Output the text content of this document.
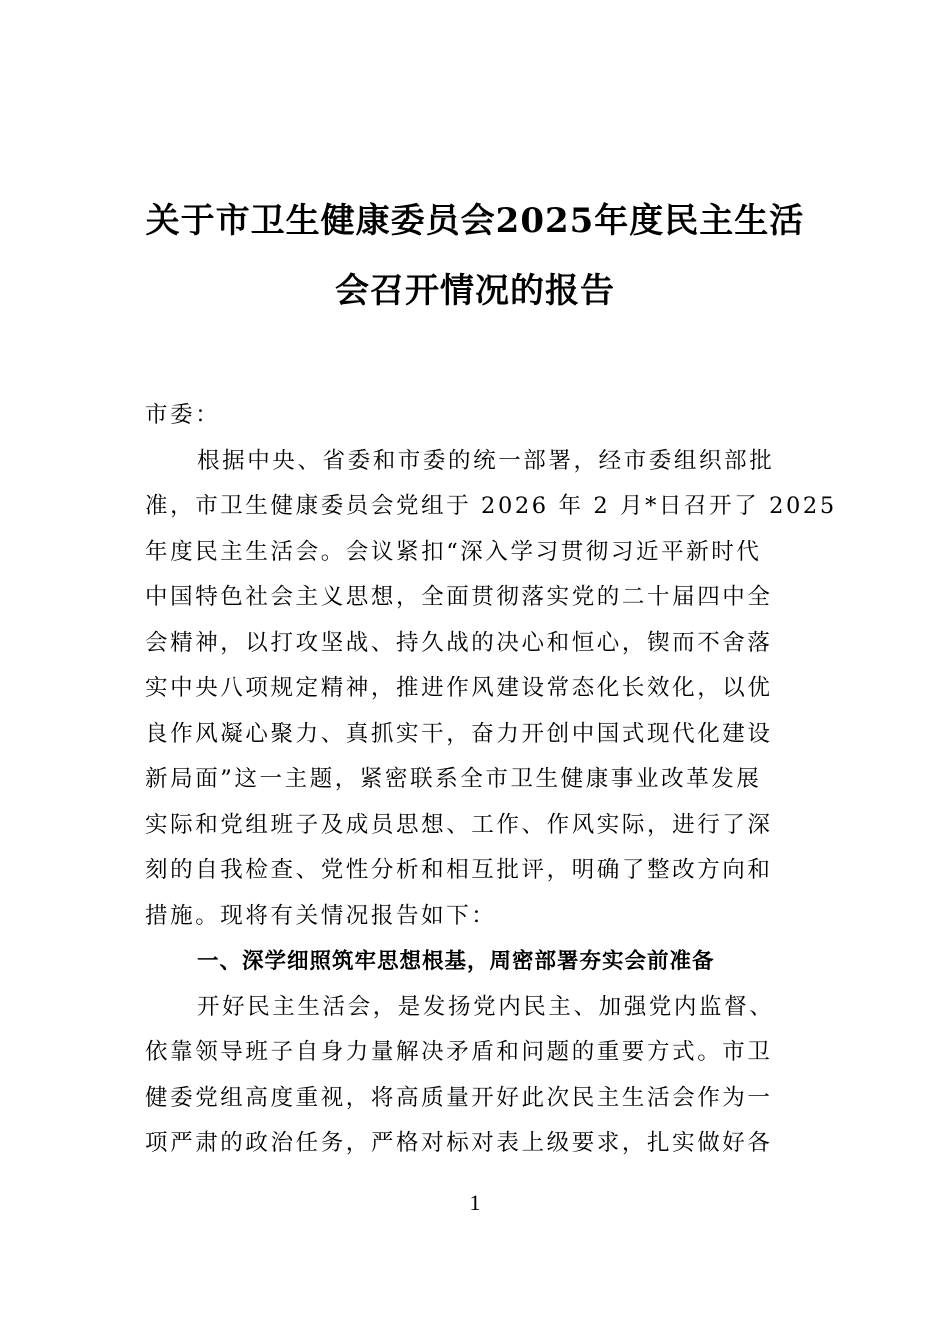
关于市卫生健康委员会2025年度民主生活
会召开情况的报告
市委：
根据中央、省委和市委的统一部署，经市委组织部批
准，市卫生健康委员会党组于 2026 年 2 月*日召开了 2025
年度民主生活会。会议紧扣“深入学习贯彻习近平新时代
中国特色社会主义思想，全面贯彻落实党的二十届四中全
会精神，以打攻坚战、持久战的决心和恒心，锲而不舍落
实中央八项规定精神，推进作风建设常态化长效化，以优
良作风凝心聚力、真抓实干，奋力开创中国式现代化建设
新局面”这一主题，紧密联系全市卫生健康事业改革发展
实际和党组班子及成员思想、工作、作风实际，进行了深
刻的自我检查、党性分析和相互批评，明确了整改方向和
措施。现将有关情况报告如下：
一、深学细照筑牢思想根基，周密部署夯实会前准备
开好民主生活会，是发扬党内民主、加强党内监督、
依靠领导班子自身力量解决矛盾和问题的重要方式。市卫
健委党组高度重视，将高质量开好此次民主生活会作为一
项严肃的政治任务，严格对标对表上级要求，扎实做好各
1
